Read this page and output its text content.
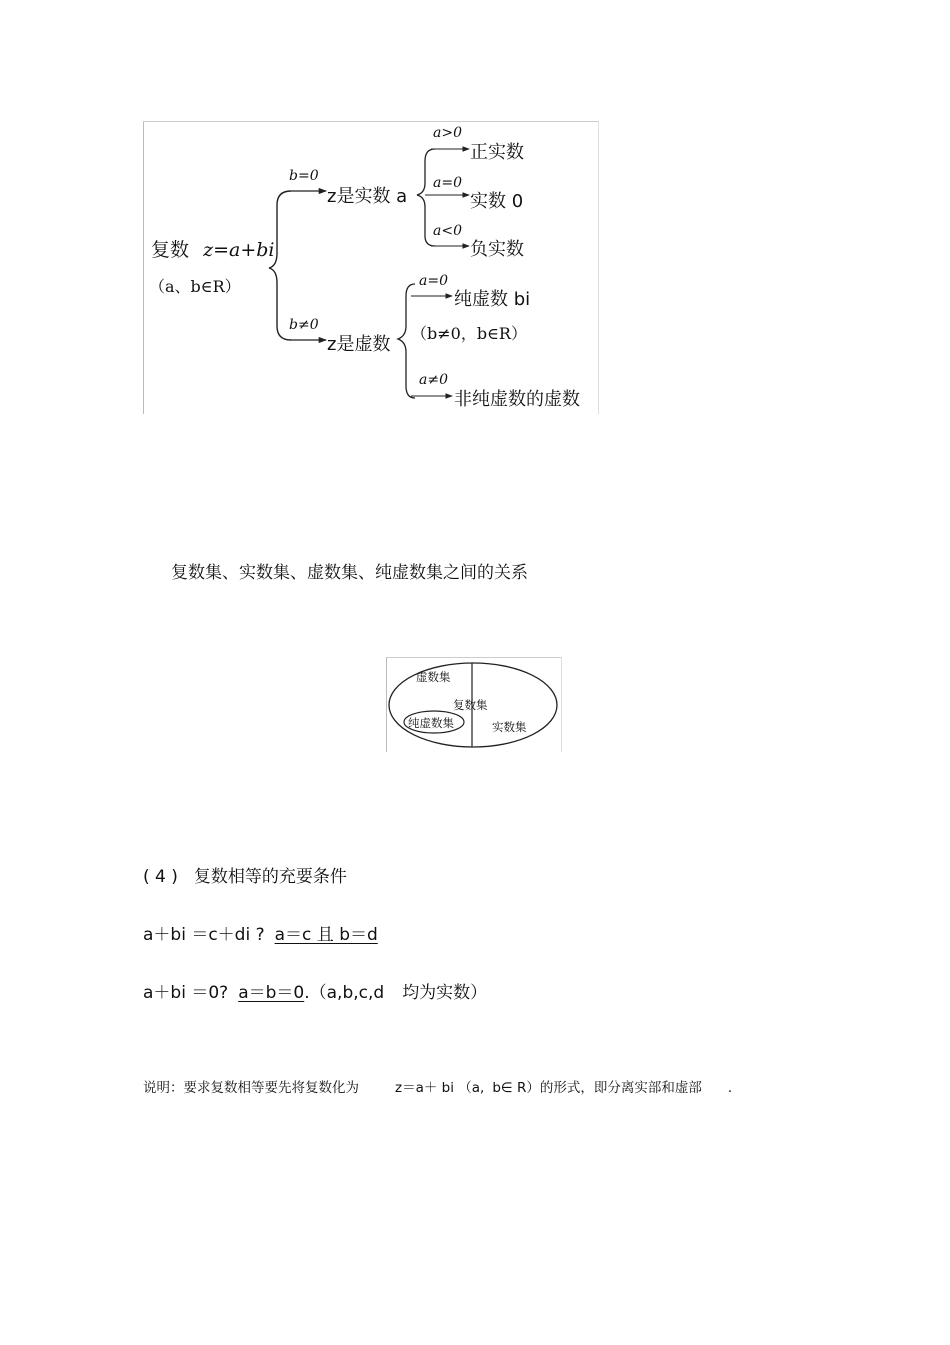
复数 z=a+bi
（a、b∈R）
b=0
z是实数 a
a>0
正实数
a=0
实数 0
a<0
负实数
b≠0
z是虚数
a=0
纯虚数 bi
（b≠0，b∈R）
a≠0
非纯虚数的虚数
复数集、实数集、虚数集、纯虚数集之间的关系
虚数集
复数集
纯虚数集	实数集
( 4 ) 复数相等的充要条件
a＋bi ＝c＋di ? a＝c 且 b＝d
a＋bi ＝0? a＝b＝0.（a,b,c,d 均为实数）
说明：要求复数相等要先将复数化为	z＝a＋ bi （a, b∈ R）的形式，即分离实部和虚部 .
